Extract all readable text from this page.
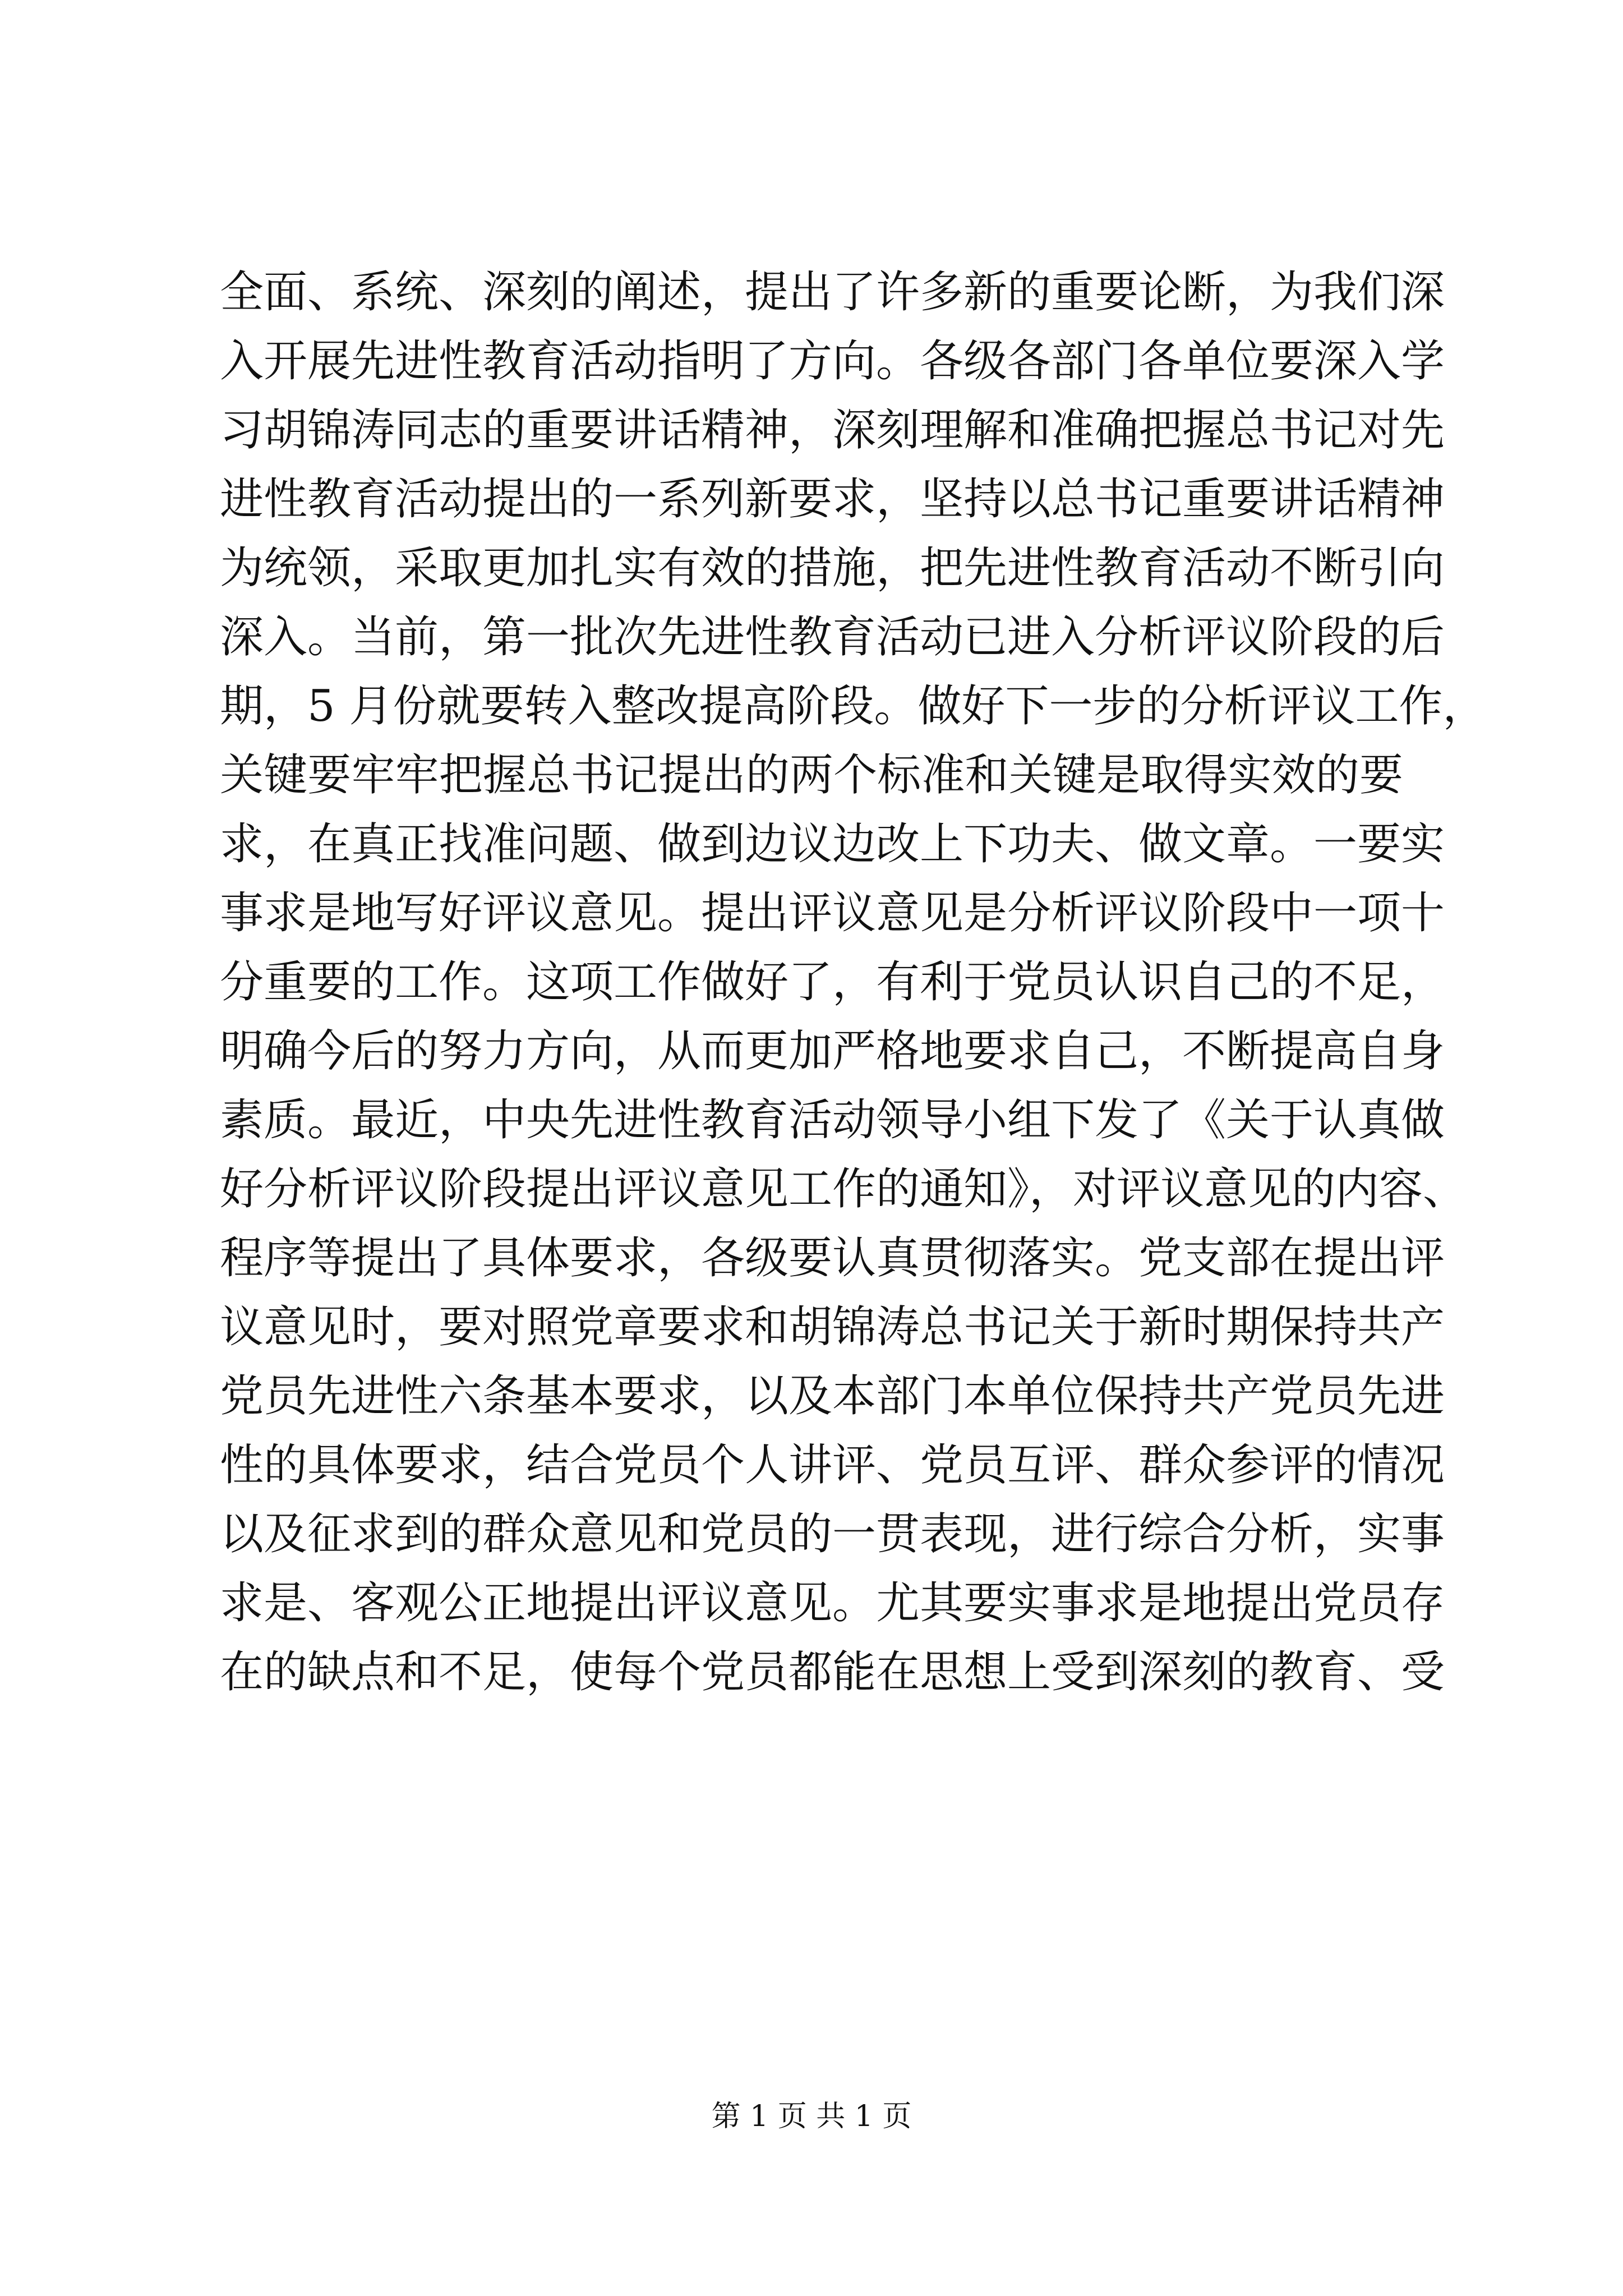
全面、系统、深刻的阐述，提出了许多新的重要论断，为我们深
入开展先进性教育活动指明了方向。各级各部门各单位要深入学
习胡锦涛同志的重要讲话精神，深刻理解和准确把握总书记对先
进性教育活动提出的一系列新要求，坚持以总书记重要讲话精神
为统领，采取更加扎实有效的措施，把先进性教育活动不断引向
深入。当前，第一批次先进性教育活动已进入分析评议阶段的后
期，5 月份就要转入整改提高阶段。做好下一步的分析评议工作，
关键要牢牢把握总书记提出的两个标准和关键是取得实效的要
求，在真正找准问题、做到边议边改上下功夫、做文章。一要实
事求是地写好评议意见。提出评议意见是分析评议阶段中一项十
分重要的工作。这项工作做好了，有利于党员认识自己的不足，
明确今后的努力方向，从而更加严格地要求自己，不断提高自身
素质。最近，中央先进性教育活动领导小组下发了《关于认真做
好分析评议阶段提出评议意见工作的通知》，对评议意见的内容、
程序等提出了具体要求，各级要认真贯彻落实。党支部在提出评
议意见时，要对照党章要求和胡锦涛总书记关于新时期保持共产
党员先进性六条基本要求，以及本部门本单位保持共产党员先进
性的具体要求，结合党员个人讲评、党员互评、群众参评的情况
以及征求到的群众意见和党员的一贯表现，进行综合分析，实事
求是、客观公正地提出评议意见。尤其要实事求是地提出党员存
在的缺点和不足，使每个党员都能在思想上受到深刻的教育、受
第 1 页 共 1 页
